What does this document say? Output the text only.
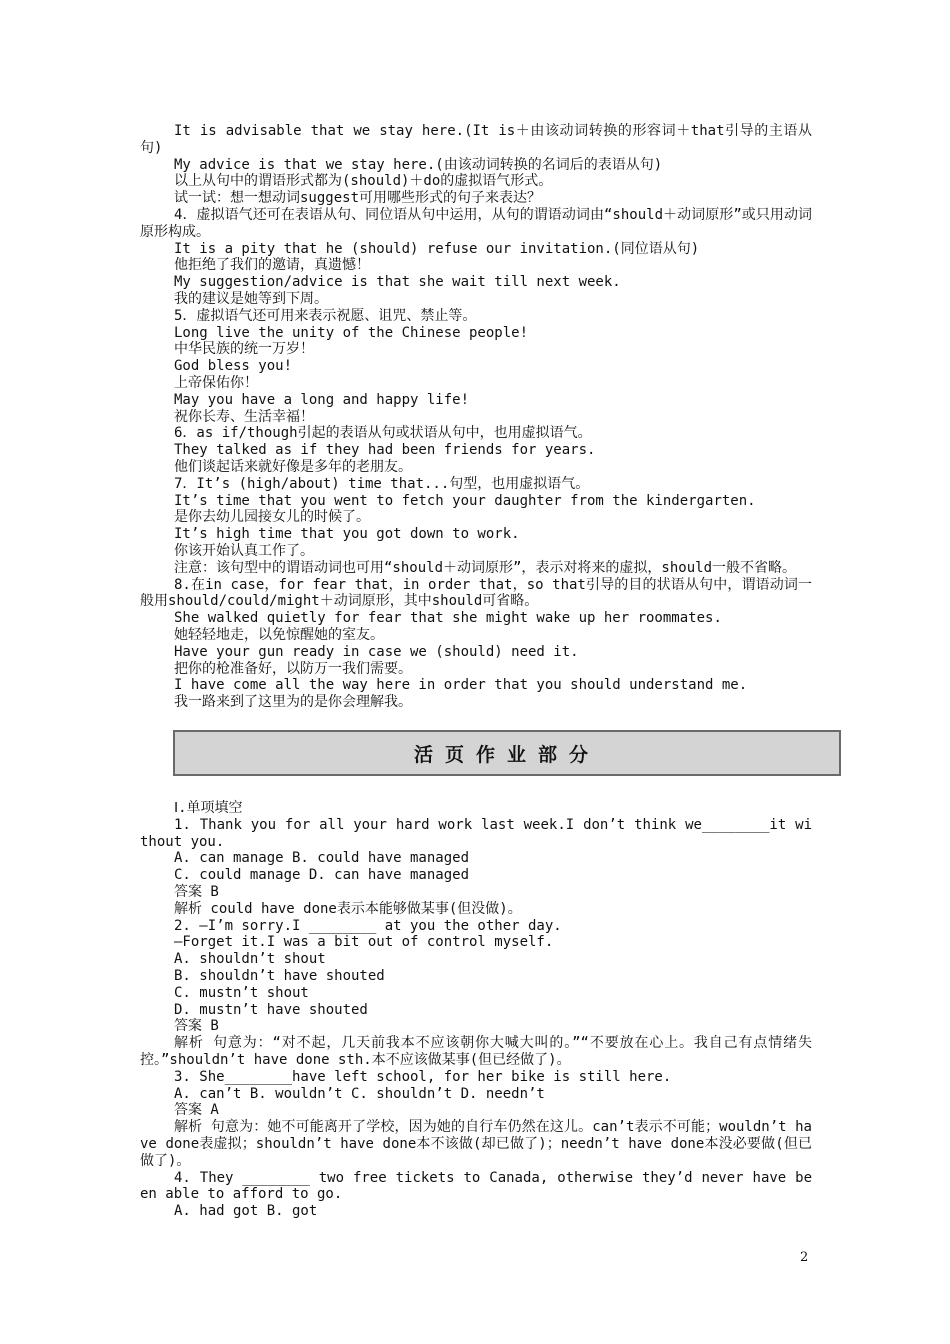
It is advisable that we stay here.(It is＋由该动词转换的形容词＋that引导的主语从句)

My advice is that we stay here.(由该动词转换的名词后的表语从句)

以上从句中的谓语形式都为(should)＋do的虚拟语气形式。

试一试：想一想动词suggest可用哪些形式的句子来表达？

4．虚拟语气还可在表语从句、同位语从句中运用，从句的谓语动词由“should＋动词原形”或只用动词原形构成。

It is a pity that he (should) refuse our invitation.(同位语从句)

他拒绝了我们的邀请，真遗憾！

My suggestion/advice is that she wait till next week.

我的建议是她等到下周。

5．虚拟语气还可用来表示祝愿、诅咒、禁止等。

Long live the unity of the Chinese people!

中华民族的统一万岁！

God bless you!

上帝保佑你！

May you have a long and happy life!

祝你长寿、生活幸福！

6．as if/though引起的表语从句或状语从句中，也用虚拟语气。

They talked as if they had been friends for years.

他们谈起话来就好像是多年的老朋友。

7．It’s (high/about) time that...句型，也用虚拟语气。

It’s time that you went to fetch your daughter from the kindergarten.

是你去幼儿园接女儿的时候了。

It’s high time that you got down to work.

你该开始认真工作了。

注意：该句型中的谓语动词也可用“should＋动词原形”，表示对将来的虚拟，should一般不省略。

8.在in case，for fear that，in order that，so that引导的目的状语从句中，谓语动词一般用should/could/might＋动词原形，其中should可省略。

She walked quietly for fear that she might wake up her roommates.

她轻轻地走，以免惊醒她的室友。

Have your gun ready in case we (should) need it.

把你的枪准备好，以防万一我们需要。

I have come all the way here in order that you should understand me.

我一路来到了这里为的是你会理解我。

活页作业部分

Ⅰ.单项填空

1. Thank you for all your hard work last week.I don’t think we________it without you.

A. can manage B. could have managed

C. could manage D. can have managed

答案 B

解析 could have done表示本能够做某事(但没做)。

2. —I’m sorry.I ________ at you the other day.

—Forget it.I was a bit out of control myself.

A. shouldn’t shout

B. shouldn’t have shouted

C. mustn’t shout

D. mustn’t have shouted

答案 B

解析 句意为：“对不起，几天前我本不应该朝你大喊大叫的。”“不要放在心上。我自己有点情绪失控。”shouldn’t have done sth.本不应该做某事(但已经做了)。

3. She________have left school, for her bike is still here.

A. can’t B. wouldn’t C. shouldn’t D. needn’t

答案 A

解析 句意为：她不可能离开了学校，因为她的自行车仍然在这儿。can’t表示不可能；wouldn’t have done表虚拟；shouldn’t have done本不该做(却已做了)；needn’t have done本没必要做(但已做了)。

4. They ________ two free tickets to Canada, otherwise they’d never have been able to afford to go.

A. had got B. got

2
